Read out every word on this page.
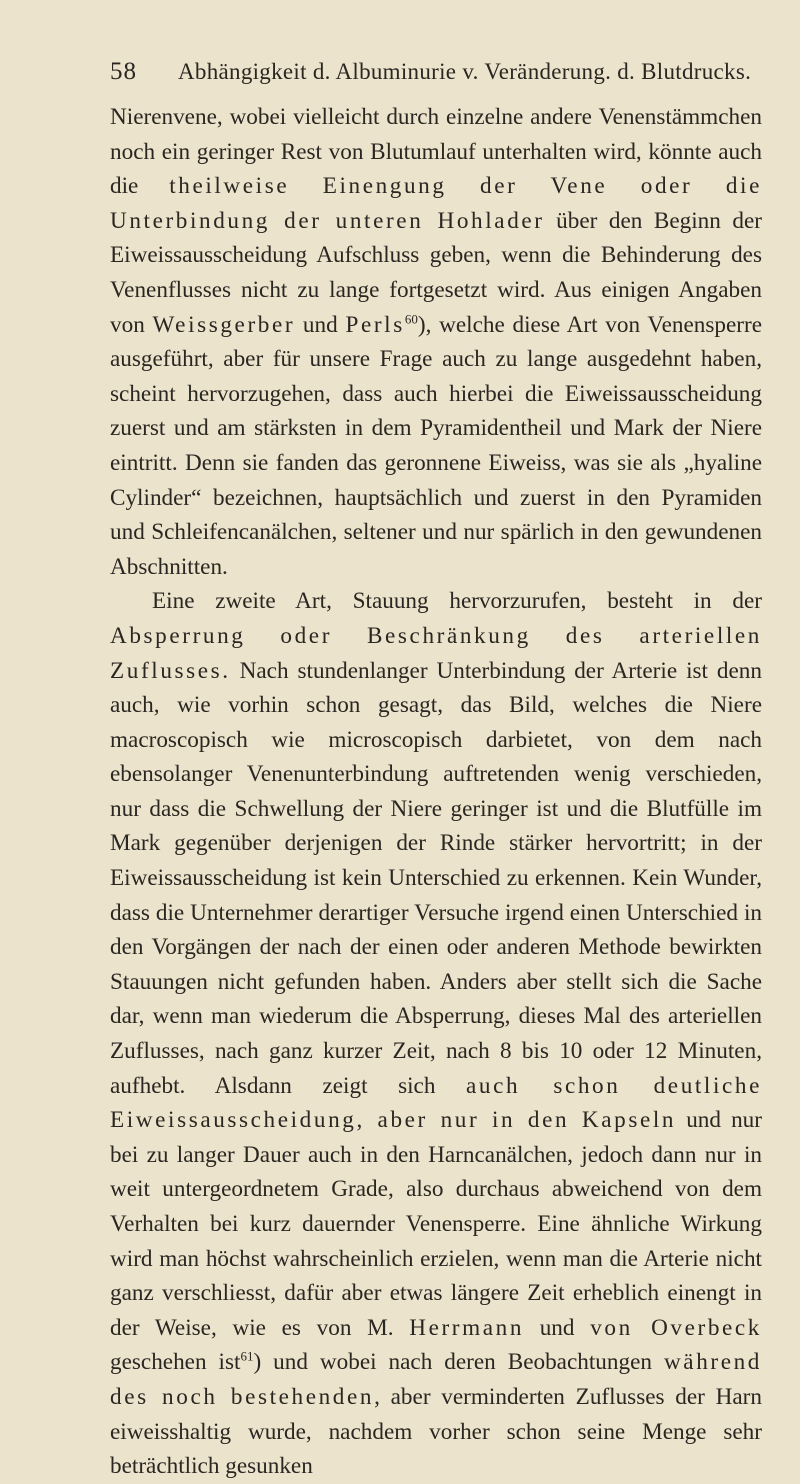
58	Abhängigkeit d. Albuminurie v. Veränderung. d. Blutdrucks.

Nierenvene, wobei vielleicht durch einzelne andere Venenstämmchen noch ein geringer Rest von Blutumlauf unterhalten wird, könnte auch die theilweise Einengung der Vene oder die Unterbindung der unteren Hohlader über den Beginn der Eiweissausscheidung Aufschluss geben, wenn die Behinderung des Venenflusses nicht zu lange fortgesetzt wird. Aus einigen Angaben von Weissgerber und Perls$^{60}$), welche diese Art von Venensperre ausgeführt, aber für unsere Frage auch zu lange ausgedehnt haben, scheint hervorzugehen, dass auch hierbei die Eiweissausscheidung zuerst und am stärksten in dem Pyramidentheil und Mark der Niere eintritt. Denn sie fanden das geronnene Eiweiss, was sie als „hyaline Cylinder“ bezeichnen, hauptsächlich und zuerst in den Pyramiden und Schleifencanälchen, seltener und nur spärlich in den gewundenen Abschnitten.

Eine zweite Art, Stauung hervorzurufen, besteht in der Absperrung oder Beschränkung des arteriellen Zuflusses. Nach stundenlanger Unterbindung der Arterie ist denn auch, wie vorhin schon gesagt, das Bild, welches die Niere macroscopisch wie microscopisch darbietet, von dem nach ebensolanger Venenunterbindung auftretenden wenig verschieden, nur dass die Schwellung der Niere geringer ist und die Blutfülle im Mark gegenüber derjenigen der Rinde stärker hervortritt; in der Eiweissausscheidung ist kein Unterschied zu erkennen. Kein Wunder, dass die Unternehmer derartiger Versuche irgend einen Unterschied in den Vorgängen der nach der einen oder anderen Methode bewirkten Stauungen nicht gefunden haben. Anders aber stellt sich die Sache dar, wenn man wiederum die Absperrung, dieses Mal des arteriellen Zuflusses, nach ganz kurzer Zeit, nach 8 bis 10 oder 12 Minuten, aufhebt. Alsdann zeigt sich auch schon deutliche Eiweissausscheidung, aber nur in den Kapseln und nur bei zu langer Dauer auch in den Harncanälchen, jedoch dann nur in weit untergeordnetem Grade, also durchaus abweichend von dem Verhalten bei kurz dauernder Venensperre. Eine ähnliche Wirkung wird man höchst wahrscheinlich erzielen, wenn man die Arterie nicht ganz verschliesst, dafür aber etwas längere Zeit erheblich einengt in der Weise, wie es von M. Herrmann und von Overbeck geschehen ist$^{61}$) und wobei nach deren Beobachtungen während des noch bestehenden, aber verminderten Zuflusses der Harn eiweisshaltig wurde, nachdem vorher schon seine Menge sehr beträchtlich gesunken
